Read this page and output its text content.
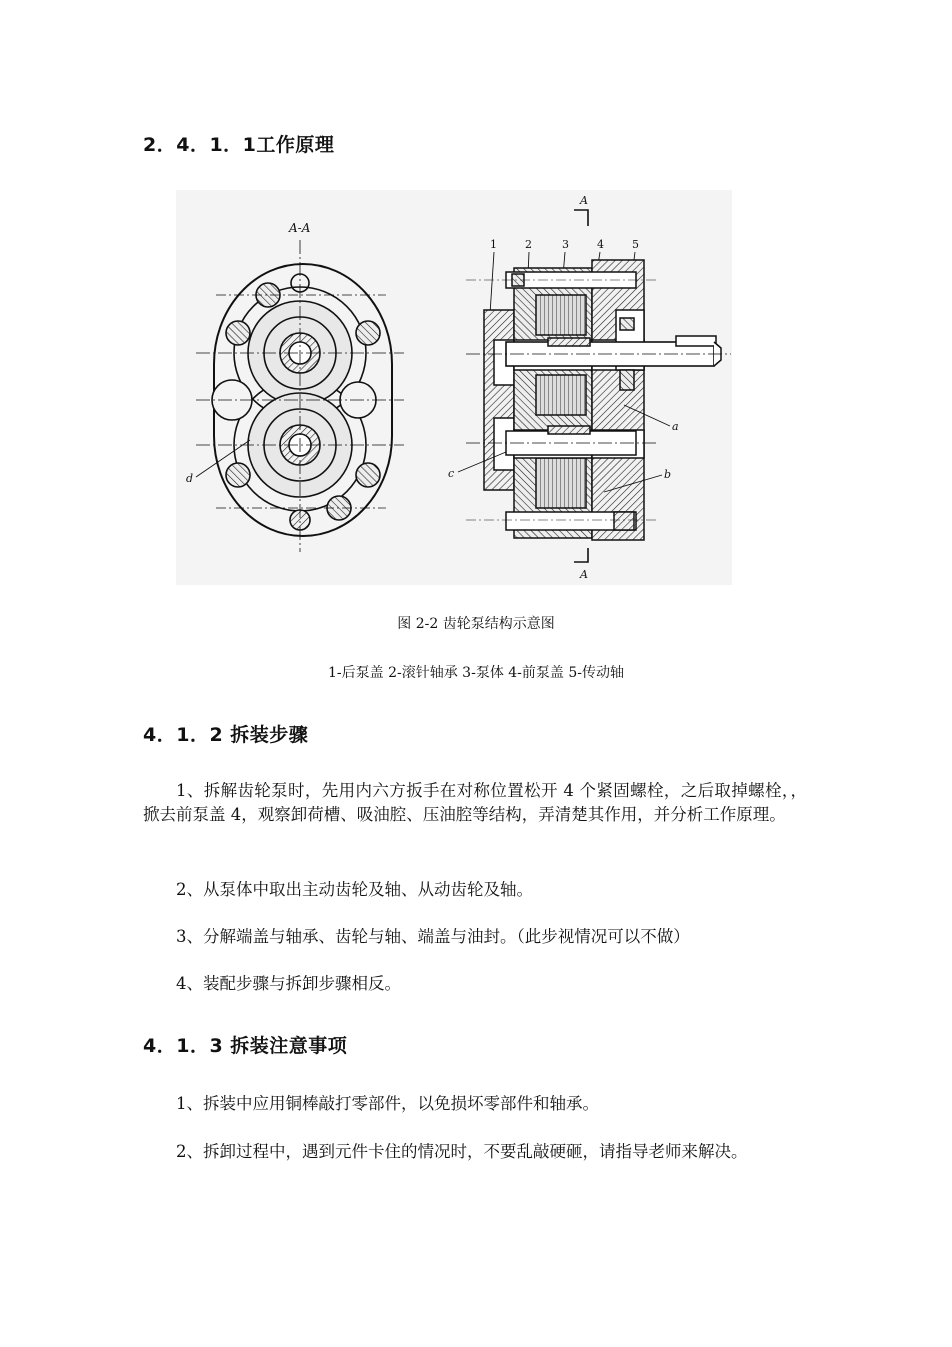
2．4．1．1工作原理
A-A
d
A
A
1	2	3	4	5
a
b
c

图 2-2 齿轮泵结构示意图

1-后泵盖 2-滚针轴承 3-泵体 4-前泵盖 5-传动轴

4．1．2 拆装步骤

1、拆解齿轮泵时，先用内六方扳手在对称位置松开 4 个紧固螺栓，之后取掉螺栓，，掀去前泵盖 4，观察卸荷槽、吸油腔、压油腔等结构，弄清楚其作用，并分析工作原理。

2、从泵体中取出主动齿轮及轴、从动齿轮及轴。

3、分解端盖与轴承、齿轮与轴、端盖与油封。（此步视情况可以不做）

4、装配步骤与拆卸步骤相反。

4．1．3 拆装注意事项

1、拆装中应用铜棒敲打零部件，以免损坏零部件和轴承。

2、拆卸过程中，遇到元件卡住的情况时，不要乱敲硬砸，请指导老师来解决。
